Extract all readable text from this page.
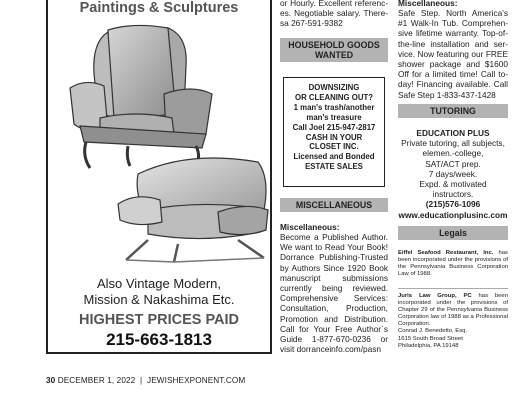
Paintings & Sculptures
Also Vintage Modern,
Mission & Nakashima Etc.
HIGHEST PRICES PAID
215-663-1813
or Hourly. Excellent referenc-es. Negotiable salary. There-sa 267-591-9382
HOUSEHOLD GOODS WANTED
DOWNSIZING
OR CLEANING OUT?
1 man's trash/another
man's treasure
Call Joel 215-947-2817
CASH IN YOUR
CLOSET INC.
Licensed and Bonded
ESTATE SALES
MISCELLANEOUS
Miscellaneous:
Become a Published Author. We want to Read Your Book! Dorrance Publishing-Trusted by Authors Since 1920 Book manuscript submissions currently being reviewed. Comprehensive Services: Consultation, Production, Promotion and Distribution. Call for Your Free Author`s Guide 1-877-670-0236 or visit dorranceinfo.com/pasn
Miscellaneous:
Safe Step. North America's #1 Walk-In Tub. Comprehen-sive lifetime warranty. Top-of-the-line installation and ser-vice. Now featuring our FREE shower package and $1600 Off for a limited time! Call to-day! Financing available. Call Safe Step 1-833-437-1428
TUTORING
EDUCATION PLUS
Private tutoring, all subjects,
elemen.-college,
SAT/ACT prep.
7 days/week.
Expd. & motivated
instructors.
(215)576-1096
www.educationplusinc.com
Legals
Eiffel Seafood Restaurant, Inc. has been incorporated under the provisions of the Pennsylvania Business Corporation Law of 1988.
Juris Law Group, PC has been incorporated under the provisions of Chapter 29 of the Pennsylvania Business Corporation law of 1988 as a Professional Corporation.
Conrad J. Benedetto, Esq.
1615 South Broad Street
Philadelphia, PA 19148
30 DECEMBER 1, 2022  |  JEWISHEXPONENT.COM
